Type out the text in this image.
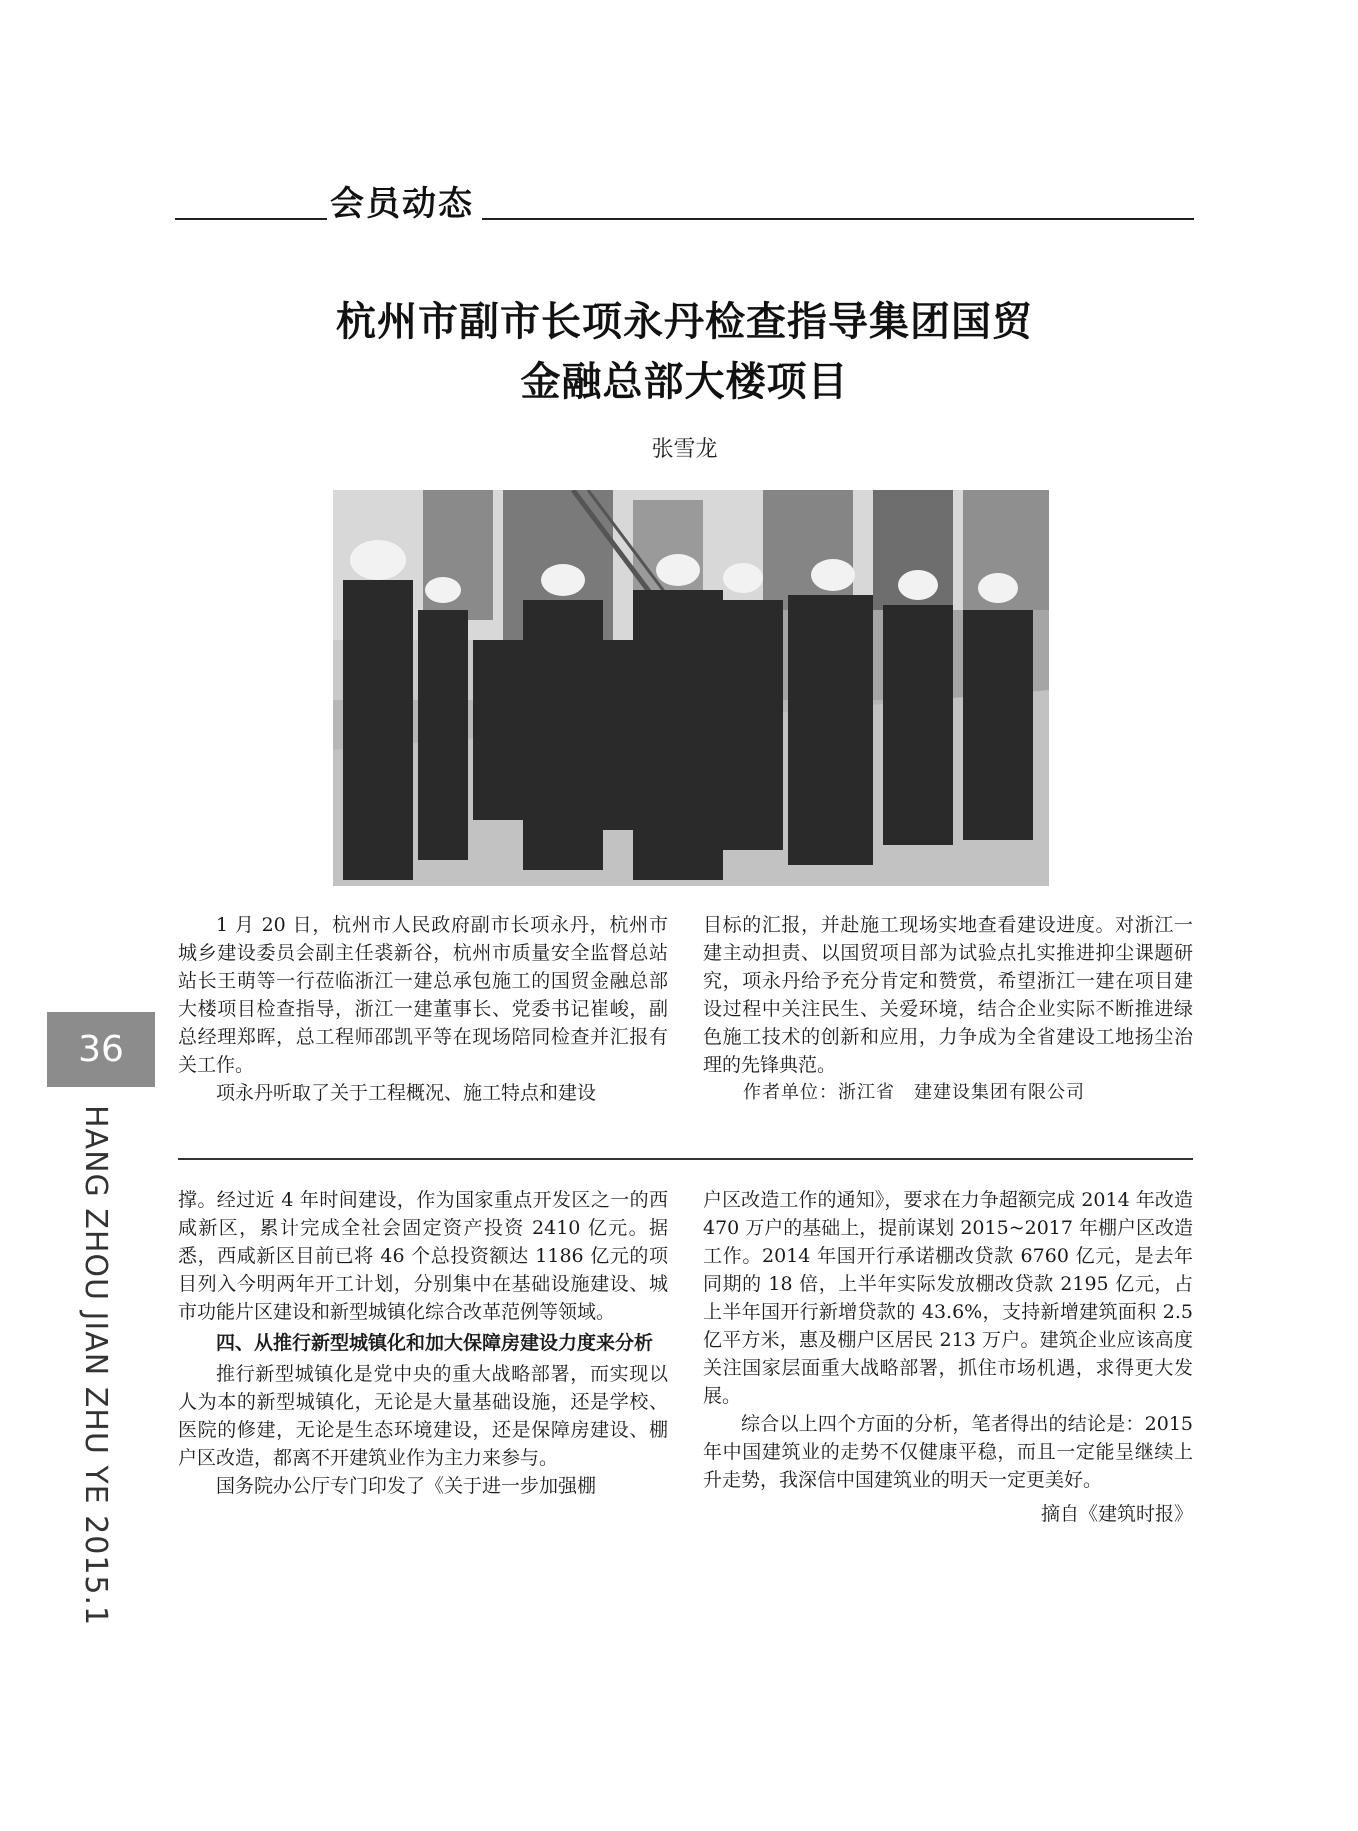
会员动态
杭州市副市长项永丹检查指导集团国贸
金融总部大楼项目
张雪龙

1 月 20 日，杭州市人民政府副市长项永丹，杭州市城乡建设委员会副主任裘新谷，杭州市质量安全监督总站站长王萌等一行莅临浙江一建总承包施工的国贸金融总部大楼项目检查指导，浙江一建董事长、党委书记崔峻，副总经理郑晖，总工程师邵凯平等在现场陪同检查并汇报有关工作。

项永丹听取了关于工程概况、施工特点和建设

目标的汇报，并赴施工现场实地查看建设进度。对浙江一建主动担责、以国贸项目部为试验点扎实推进抑尘课题研究，项永丹给予充分肯定和赞赏，希望浙江一建在项目建设过程中关注民生、关爱环境，结合企业实际不断推进绿色施工技术的创新和应用，力争成为全省建设工地扬尘治理的先锋典范。

作者单位：浙江省　建建设集团有限公司

撑。经过近 4 年时间建设，作为国家重点开发区之一的西咸新区，累计完成全社会固定资产投资 2410 亿元。据悉，西咸新区目前已将 46 个总投资额达 1186 亿元的项目列入今明两年开工计划，分别集中在基础设施建设、城市功能片区建设和新型城镇化综合改革范例等领域。

四、从推行新型城镇化和加大保障房建设力度来分析

推行新型城镇化是党中央的重大战略部署，而实现以人为本的新型城镇化，无论是大量基础设施，还是学校、医院的修建，无论是生态环境建设，还是保障房建设、棚户区改造，都离不开建筑业作为主力来参与。

国务院办公厅专门印发了《关于进一步加强棚

户区改造工作的通知》，要求在力争超额完成 2014 年改造 470 万户的基础上，提前谋划 2015~2017 年棚户区改造工作。2014 年国开行承诺棚改贷款 6760 亿元，是去年同期的 18 倍，上半年实际发放棚改贷款 2195 亿元，占上半年国开行新增贷款的 43.6%，支持新增建筑面积 2.5 亿平方米，惠及棚户区居民 213 万户。建筑企业应该高度关注国家层面重大战略部署，抓住市场机遇，求得更大发展。

综合以上四个方面的分析，笔者得出的结论是：2015 年中国建筑业的走势不仅健康平稳，而且一定能呈继续上升走势，我深信中国建筑业的明天一定更美好。

摘自《建筑时报》

36
HANG ZHOU JIAN ZHU YE 2015.1
